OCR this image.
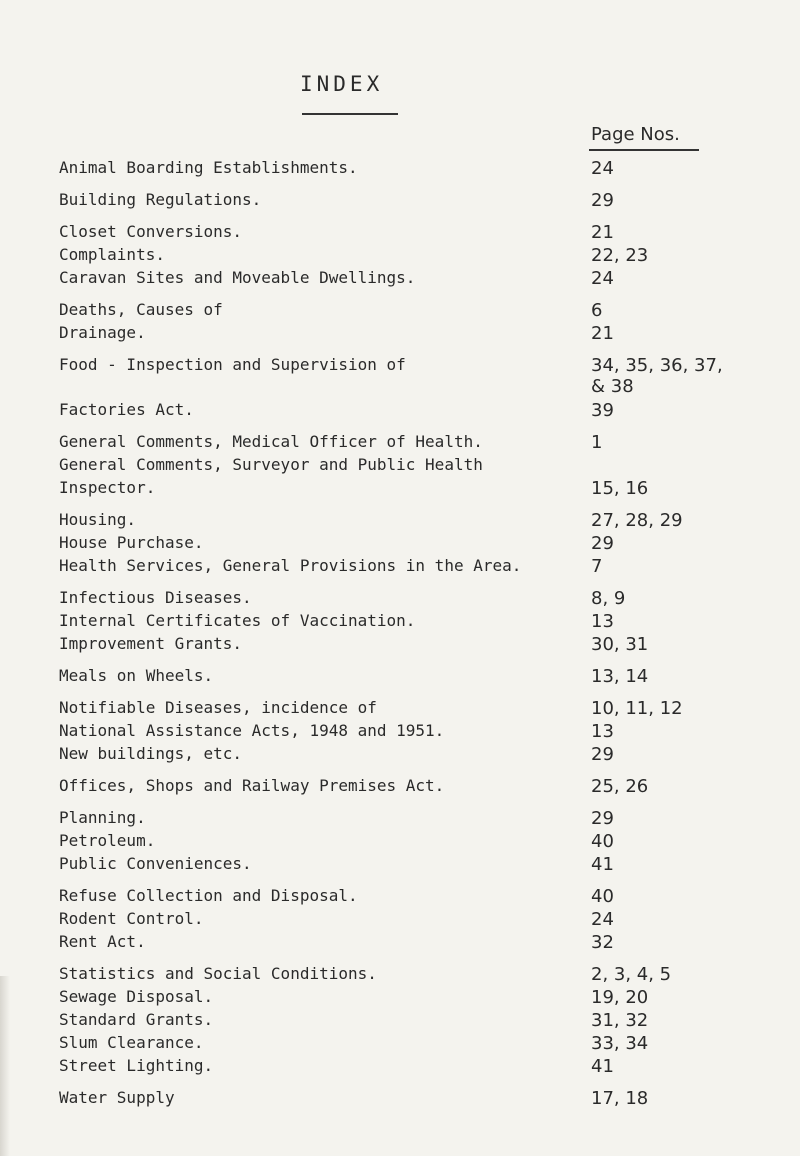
INDEX
Page Nos.
Animal Boarding Establishments.	24
Building Regulations.	29
Closet Conversions.	21
Complaints.	22, 23
Caravan Sites and Moveable Dwellings.	24
Deaths, Causes of	6
Drainage.	21
Food - Inspection and Supervision of	34, 35, 36, 37,
& 38
Factories Act.	39
General Comments, Medical Officer of Health.	1
General Comments, Surveyor and Public Health
Inspector.	15, 16
Housing.	27, 28, 29
House Purchase.	29
Health Services, General Provisions in the Area.	7
Infectious Diseases.	8, 9
Internal Certificates of Vaccination.	13
Improvement Grants.	30, 31
Meals on Wheels.	13, 14
Notifiable Diseases, incidence of	10, 11, 12
National Assistance Acts, 1948 and 1951.	13
New buildings, etc.	29
Offices, Shops and Railway Premises Act.	25, 26
Planning.	29
Petroleum.	40
Public Conveniences.	41
Refuse Collection and Disposal.	40
Rodent Control.	24
Rent Act.	32
Statistics and Social Conditions.	2, 3, 4, 5
Sewage Disposal.	19, 20
Standard Grants.	31, 32
Slum Clearance.	33, 34
Street Lighting.	41
Water Supply	17, 18
